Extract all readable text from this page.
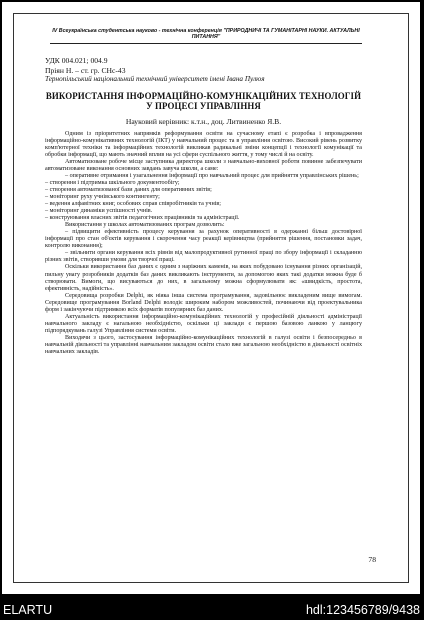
IV Всеукраїнська студентська науково - технічна конференція "ПРИРОДНИЧІ ТА ГУМАНІТАРНІ НАУКИ. АКТУАЛЬНІ ПИТАННЯ"
УДК 004.021; 004.9
Пріян Н. – ст. гр. СНс-43
Тернопільський національний технічний університет імені Івана Пулюя
ВИКОРИСТАННЯ ІНФОРМАЦІЙНО-КОМУНІКАЦІЙНИХ ТЕХНОЛОГІЙ У ПРОЦЕСІ УПРАВЛІННЯ
Науковий керівник: к.т.н., доц. Литвиненко Я.В.

Одним із пріоритетних напрямків реформування освіти на сучасному етапі є розробка і впровадження інформаційно-комунікативних технологій (ІКТ) у навчальний процес та в управління освітою. Високий рівень розвитку комп'ютерної техніки та інформаційних технологій викликав радикальні зміни концепції і технології комунікації та обробки інформації, що мають значний вплив на усі сфери суспільного життя, у тому числі й на освіту.

Автоматизоване робоче місце заступника директора школи з навчально-виховної роботи повинне забезпечувати автоматизоване виконання основних завдань завуча школи, а саме:

– оперативне отримання і узагальнення інформації про навчальний процес для прийняття управлінських рішень;

– створення і підтримка шкільного документообігу;

– створення автоматизованої бази даних для оперативних звітів;

– моніторинг руху учнівського контингенту;

– ведення алфавітних книг, особових справ співробітників та учнів;

– моніторинг динаміки успішності учнів.

– конструювання власних звітів педагогічних працівників та адміністрації.

Використання у школах автоматизованих програм дозволить:

– підвищити ефективність процесу керування за рахунок оперативності в одержанні більш достовірної інформації про стан об'єктів керування і скорочення часу реакції керівництва (прийняття рішення, постановки задач, контролю виконання);

– звільнити органи керування всіх рівнів від малопродуктивної рутинної праці по збору інформації і складанню різних звітів, створивши умови для творчої праці.

Оскільки використання баз даних є одним з наріжних каменів, на яких побудовано існування різних організацій, пильну увагу розробників додатків баз даних викликають інструменти, за допомогою яких такі додатки можна буде б створювати. Вимоги, що висуваються до них, в загальному можна сформулювати як: «швидкість, простота, ефективність, надійність».

Середовища розробки Delphi, як ніяка інша система програмування, задовільнює викладеним вище вимогам. Середовище програмування Borland Delphi володіє широким набором можливостей, починаючи від проектувальника форм і закінчуючи підтримкою всіх форматів популярних баз даних.

Актуальність використання інформаційно-комунікаційних технологій у професійній діяльності адміністрації навчального закладу є нагальною необхідністю, оскільки ці заклади є першою базовою ланкою у ланцюгу підпорядкувань галузі Управління системи освіти.

Виходячи з цього, застосування інформаційно-комунікаційних технологій в галузі освіти і безпосередньо в навчальній діяльності та управлінні навчальним закладом освіти стало вже загальною необхідністю в діяльності освітніх навчальних закладів.

78
ELARTU	hdl:123456789/9438
